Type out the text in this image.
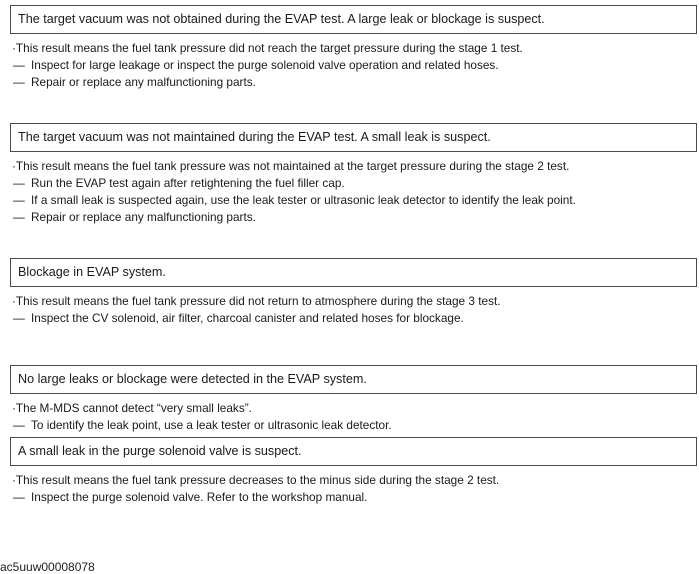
The target vacuum was not obtained during the EVAP test. A large leak or blockage is suspect.
·This result means the fuel tank pressure did not reach the target pressure during the stage 1 test.
— Inspect for large leakage or inspect the purge solenoid valve operation and related hoses.
— Repair or replace any malfunctioning parts.
The target vacuum was not maintained during the EVAP test. A small leak is suspect.
·This result means the fuel tank pressure was not maintained at the target pressure during the stage 2 test.
— Run the EVAP test again after retightening the fuel filler cap.
— If a small leak is suspected again, use the leak tester or ultrasonic leak detector to identify the leak point.
— Repair or replace any malfunctioning parts.
Blockage in EVAP system.
·This result means the fuel tank pressure did not return to atmosphere during the stage 3 test.
— Inspect the CV solenoid, air filter, charcoal canister and related hoses for blockage.
No large leaks or blockage were detected in the EVAP system.
·The M-MDS cannot detect “very small leaks”.
— To identify the leak point, use a leak tester or ultrasonic leak detector.
A small leak in the purge solenoid valve is suspect.
·This result means the fuel tank pressure decreases to the minus side during the stage 2 test.
— Inspect the purge solenoid valve. Refer to the workshop manual.
ac5uuw00008078
